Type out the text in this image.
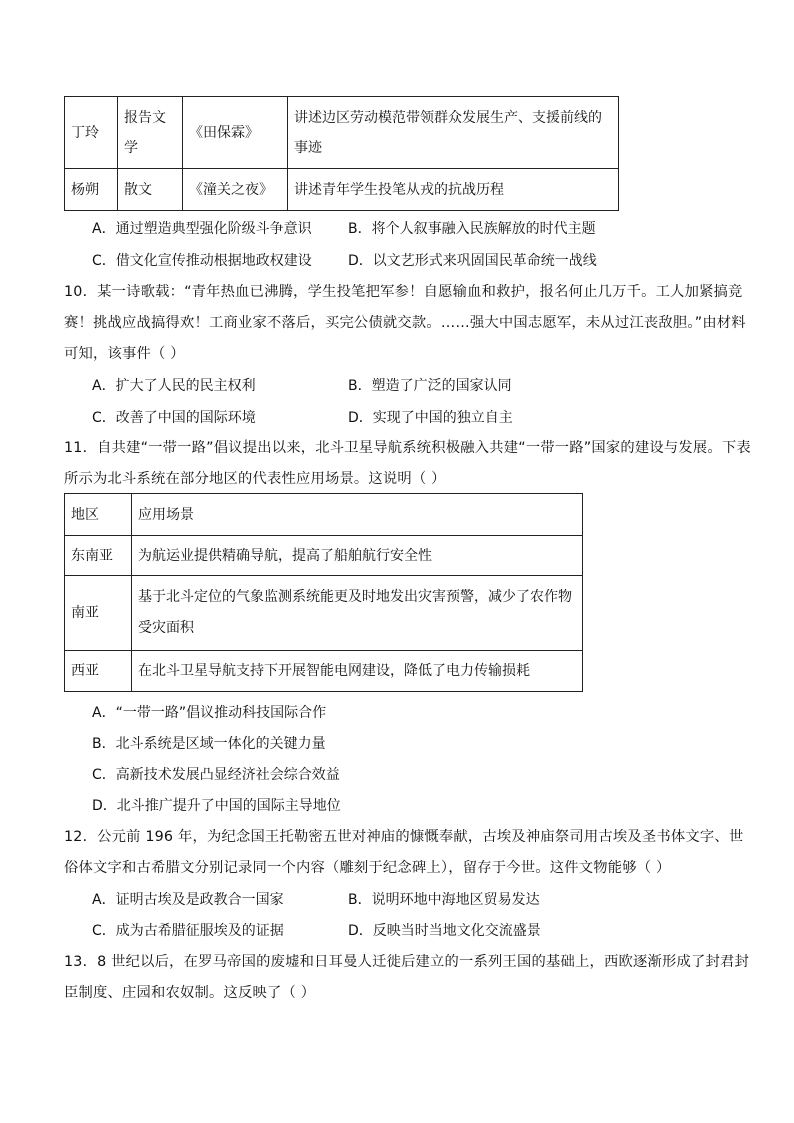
丁玲	报告文学	《田保霖》	讲述边区劳动模范带领群众发展生产、支援前线的事迹
杨朔	散文	《潼关之夜》	讲述青年学生投笔从戎的抗战历程
A．通过塑造典型强化阶级斗争意识	B．将个人叙事融入民族解放的时代主题
C．借文化宣传推动根据地政权建设	D．以文艺形式来巩固国民革命统一战线
10．某一诗歌载：“青年热血已沸腾，学生投笔把军参！自愿输血和救护，报名何止几万千。工人加紧搞竞赛！挑战应战搞得欢！工商业家不落后，买完公债就交款。……强大中国志愿军，未从过江丧敌胆。”由材料可知，该事件（ ）
A．扩大了人民的民主权利	B．塑造了广泛的国家认同
C．改善了中国的国际环境	D．实现了中国的独立自主
11．自共建“一带一路”倡议提出以来，北斗卫星导航系统积极融入共建“一带一路”国家的建设与发展。下表所示为北斗系统在部分地区的代表性应用场景。这说明（ ）
地区	应用场景
东南亚	为航运业提供精确导航，提高了船舶航行安全性
南亚	基于北斗定位的气象监测系统能更及时地发出灾害预警，减少了农作物受灾面积
西亚	在北斗卫星导航支持下开展智能电网建设，降低了电力传输损耗
A．“一带一路”倡议推动科技国际合作
B．北斗系统是区域一体化的关键力量
C．高新技术发展凸显经济社会综合效益
D．北斗推广提升了中国的国际主导地位
12．公元前 196 年，为纪念国王托勒密五世对神庙的慷慨奉献，古埃及神庙祭司用古埃及圣书体文字、世俗体文字和古希腊文分别记录同一个内容（雕刻于纪念碑上），留存于今世。这件文物能够（ ）
A．证明古埃及是政教合一国家	B．说明环地中海地区贸易发达
C．成为古希腊征服埃及的证据	D．反映当时当地文化交流盛景
13．8 世纪以后，在罗马帝国的废墟和日耳曼人迁徙后建立的一系列王国的基础上，西欧逐渐形成了封君封臣制度、庄园和农奴制。这反映了（ ）
